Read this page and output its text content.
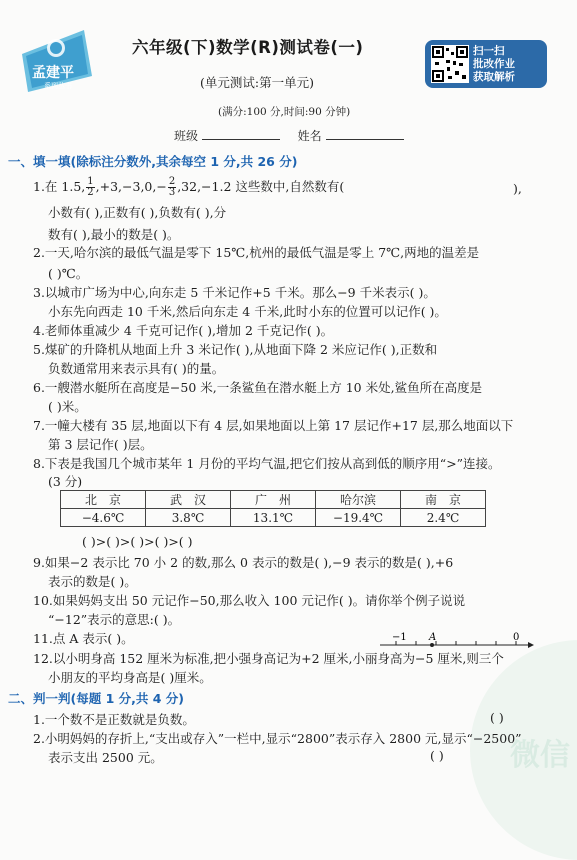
孟建平
系列丛书
六年级(下)数学(R)测试卷(一)
(单元测试:第一单元)
(满分:100 分,时间:90 分钟)
班级	姓名
扫一扫
批改作业
获取解析
一、填一填(除标注分数外,其余每空 1 分,共 26 分)
1.在 1.5, $\frac{1}{2} ,+3,-3,0,- \frac{2}{3} ,32,-1.2$ 这些数中,自然数有(	),
小数有( ),正数有( ),负数有( ),分
数有( ),最小的数是( )。
2.一天,哈尔滨的最低气温是零下 15℃,杭州的最低气温是零上 7℃,两地的温差是
( )℃。
3.以城市广场为中心,向东走 5 千米记作+5 千米。那么−9 千米表示( )。
小东先向西走 10 千米,然后向东走 4 千米,此时小东的位置可以记作( )。
4.老师体重减少 4 千克可记作( ),增加 2 千克记作( )。
5.煤矿的升降机从地面上升 3 米记作( ),从地面下降 2 米应记作( ),正数和
负数通常用来表示具有( )的量。
6.一艘潜水艇所在高度是−50 米,一条鲨鱼在潜水艇上方 10 米处,鲨鱼所在高度是
( )米。
7.一幢大楼有 35 层,地面以下有 4 层,如果地面以上第 17 层记作+17 层,那么地面以下
第 3 层记作( )层。
8.下表是我国几个城市某年 1 月份的平均气温,把它们按从高到低的顺序用“>”连接。
(3 分)
北　京	武　汉	广　州	哈尔滨	南　京
−4.6℃	3.8℃	13.1℃	−19.4℃	2.4℃
( )>( )>( )>( )>( )
9.如果−2 表示比 70 小 2 的数,那么 0 表示的数是( ),−9 表示的数是( ),+6
表示的数是( )。
10.如果妈妈支出 50 元记作−50,那么收入 100 元记作( )。请你举个例子说说
“−12”表示的意思:( )。
11.点 A 表示( )。	−1 A	0
12.以小明身高 152 厘米为标准,把小强身高记为+2 厘米,小丽身高为−5 厘米,则三个
小朋友的平均身高是( )厘米。
二、判一判(每题 1 分,共 4 分)
1.一个数不是正数就是负数。	( )
2.小明妈妈的存折上,“支出或存入”一栏中,显示“2800”表示存入 2800 元,显示“−2500”
表示支出 2500 元。	( ) 微信
